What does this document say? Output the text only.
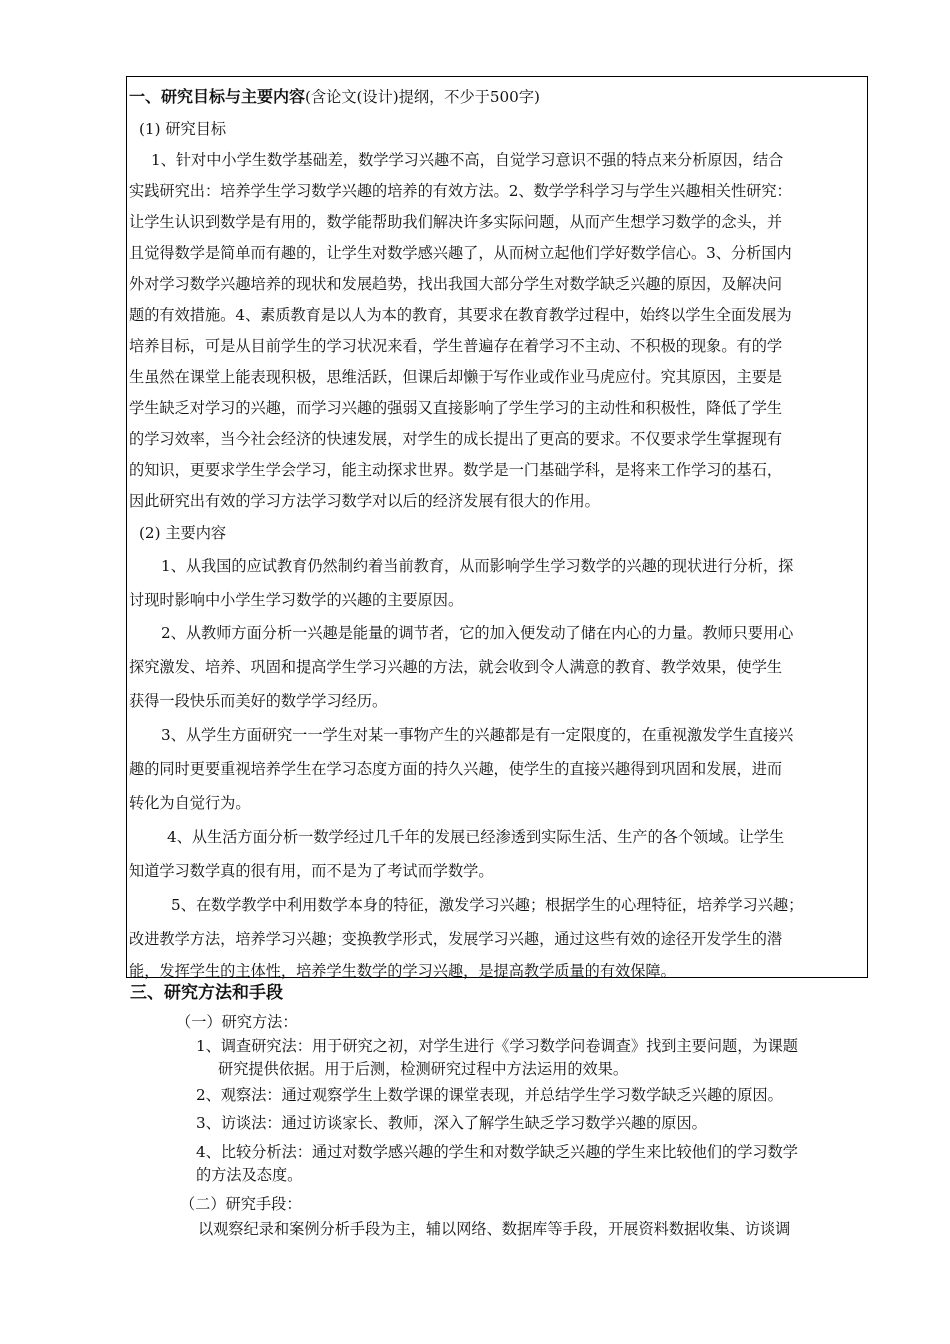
一、研究目标与主要内容(含论文(设计)提纲，不少于500字)
(1) 研究目标
1、针对中小学生数学基础差，数学学习兴趣不高，自觉学习意识不强的特点来分析原因，结合
实践研究出：培养学生学习数学兴趣的培养的有效方法。2、数学学科学习与学生兴趣相关性研究：
让学生认识到数学是有用的，数学能帮助我们解决许多实际问题，从而产生想学习数学的念头，并
且觉得数学是简单而有趣的，让学生对数学感兴趣了，从而树立起他们学好数学信心。3、分析国内
外对学习数学兴趣培养的现状和发展趋势，找出我国大部分学生对数学缺乏兴趣的原因，及解决问
题的有效措施。4、素质教育是以人为本的教育，其要求在教育教学过程中，始终以学生全面发展为
培养目标，可是从目前学生的学习状况来看，学生普遍存在着学习不主动、不积极的现象。有的学
生虽然在课堂上能表现积极，思维活跃，但课后却懒于写作业或作业马虎应付。究其原因，主要是
学生缺乏对学习的兴趣，而学习兴趣的强弱又直接影响了学生学习的主动性和积极性，降低了学生
的学习效率，当今社会经济的快速发展，对学生的成长提出了更高的要求。不仅要求学生掌握现有
的知识，更要求学生学会学习，能主动探求世界。数学是一门基础学科，是将来工作学习的基石，
因此研究出有效的学习方法学习数学对以后的经济发展有很大的作用。
(2) 主要内容
1、从我国的应试教育仍然制约着当前教育，从而影响学生学习数学的兴趣的现状进行分析，探
讨现时影响中小学生学习数学的兴趣的主要原因。
2、从教师方面分析一兴趣是能量的调节者，它的加入便发动了储在内心的力量。教师只要用心
探究激发、培养、巩固和提高学生学习兴趣的方法，就会收到令人满意的教育、教学效果，使学生
获得一段快乐而美好的数学学习经历。
3、从学生方面研究一一学生对某一事物产生的兴趣都是有一定限度的，在重视激发学生直接兴
趣的同时更要重视培养学生在学习态度方面的持久兴趣，使学生的直接兴趣得到巩固和发展，进而
转化为自觉行为。
4、从生活方面分析一数学经过几千年的发展已经渗透到实际生活、生产的各个领域。让学生
知道学习数学真的很有用，而不是为了考试而学数学。
5、在数学教学中利用数学本身的特征，激发学习兴趣；根据学生的心理特征，培养学习兴趣；
改进教学方法，培养学习兴趣；变换教学形式，发展学习兴趣，通过这些有效的途径开发学生的潜
能，发挥学生的主体性，培养学生数学的学习兴趣，是提高教学质量的有效保障。
三、研究方法和手段
（一）研究方法：
1、调查研究法：用于研究之初，对学生进行《学习数学问卷调查》找到主要问题，为课题
研究提供依据。用于后测，检测研究过程中方法运用的效果。
2、观察法：通过观察学生上数学课的课堂表现，并总结学生学习数学缺乏兴趣的原因。
3、访谈法：通过访谈家长、教师，深入了解学生缺乏学习数学兴趣的原因。
4、比较分析法：通过对数学感兴趣的学生和对数学缺乏兴趣的学生来比较他们的学习数学
的方法及态度。
（二）研究手段：
以观察纪录和案例分析手段为主，辅以网络、数据库等手段，开展资料数据收集、访谈调
